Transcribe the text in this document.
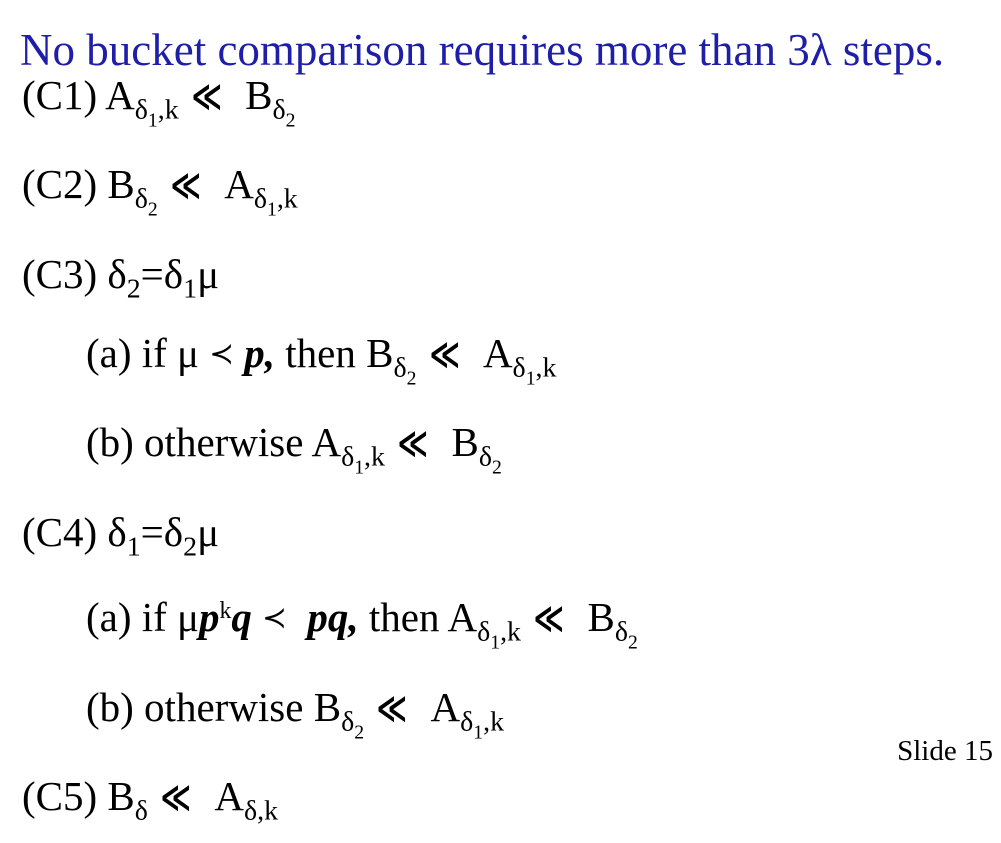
(C1) $A_{\delta 1,k}$ ≪  $B_{\delta 2}$
(C2) $B_{\delta 2}$ ≪  $A_{\delta 1,k}$
(C3) $\delta_2=\delta_1\mu$
(a) if μ ≺ p, then $B_{\delta 2}$ ≪  $A_{\delta 1,k}$
(b) otherwise $A_{\delta 1,k}$ ≪  $B_{\delta 2}$
(C4) $\delta_1=\delta_2\mu$
(a) if $\mu p^kq$ ≺ pq, then $A_{\delta 1,k}$ ≪  $B_{\delta 2}$
(b) otherwise $B_{\delta 2}$ ≪  $A_{\delta 1,k}$
(C5) $B_\delta$ ≪  $A_{\delta,k}$
No bucket comparison requires more than 3λ steps.
Slide 15
